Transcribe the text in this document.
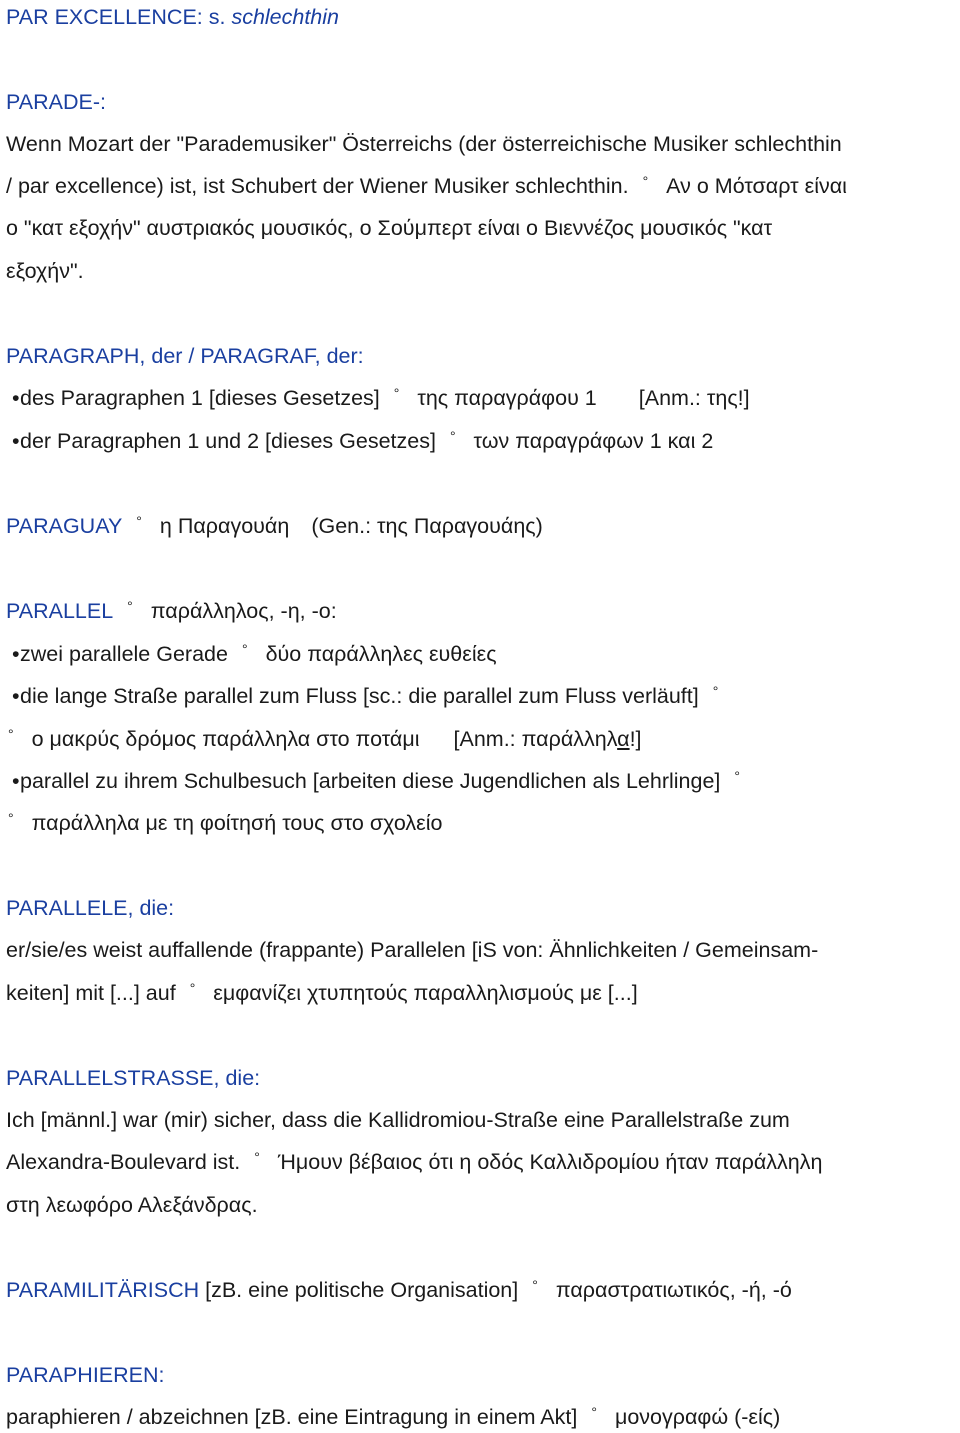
PAR EXCELLENCE: s. schlechthin
PARADE-:
Wenn Mozart der "Parademusiker" Österreichs (der österreichische Musiker schlechthin
/ par excellence) ist, ist Schubert der Wiener Musiker schlechthin. ° Αν ο Μότσαρτ είναι
ο "κατ εξοχήν" αυστριακός μουσικός, ο Σούμπερτ είναι ο Βιεννέζος μουσικός "κατ
εξοχήν".
PARAGRAPH, der / PARAGRAF, der:
• des Paragraphen 1 [dieses Gesetzes] ° της παραγράφου 1 [Anm.: της!]
• der Paragraphen 1 und 2 [dieses Gesetzes] ° των παραγράφων 1 και 2
PARAGUAY ° η Παραγουάη (Gen.: της Παραγουάης)
PARALLEL ° παράλληλος, -η, -ο:
• zwei parallele Gerade ° δύο παράλληλες ευθείες
• die lange Straße parallel zum Fluss [sc.: die parallel zum Fluss verläuft] °
° ο μακρύς δρόμος παράλληλα στο ποτάμι [Anm.: παράλληλα!]
• parallel zu ihrem Schulbesuch [arbeiten diese Jugendlichen als Lehrlinge] °
° παράλληλα με τη φοίτησή τους στο σχολείο
PARALLELE, die:
er/sie/es weist auffallende (frappante) Parallelen [iS von: Ähnlichkeiten / Gemeinsam-
keiten] mit [...] auf ° εμφανίζει χτυπητούς παραλληλισμούς με [...]
PARALLELSTRASSE, die:
Ich [männl.] war (mir) sicher, dass die Kallidromiou-Straße eine Parallelstraße zum
Alexandra-Boulevard ist. ° Ήμουν βέβαιος ότι η οδός Καλλιδρομίου ήταν παράλληλη
στη λεωφόρο Αλεξάνδρας.
PARAMILITÄRISCH [zB. eine politische Organisation] ° παραστρατιωτικός, -ή, -ό
PARAPHIEREN:
paraphieren / abzeichnen [zB. eine Eintragung in einem Akt] ° μονογραφώ (-είς)
